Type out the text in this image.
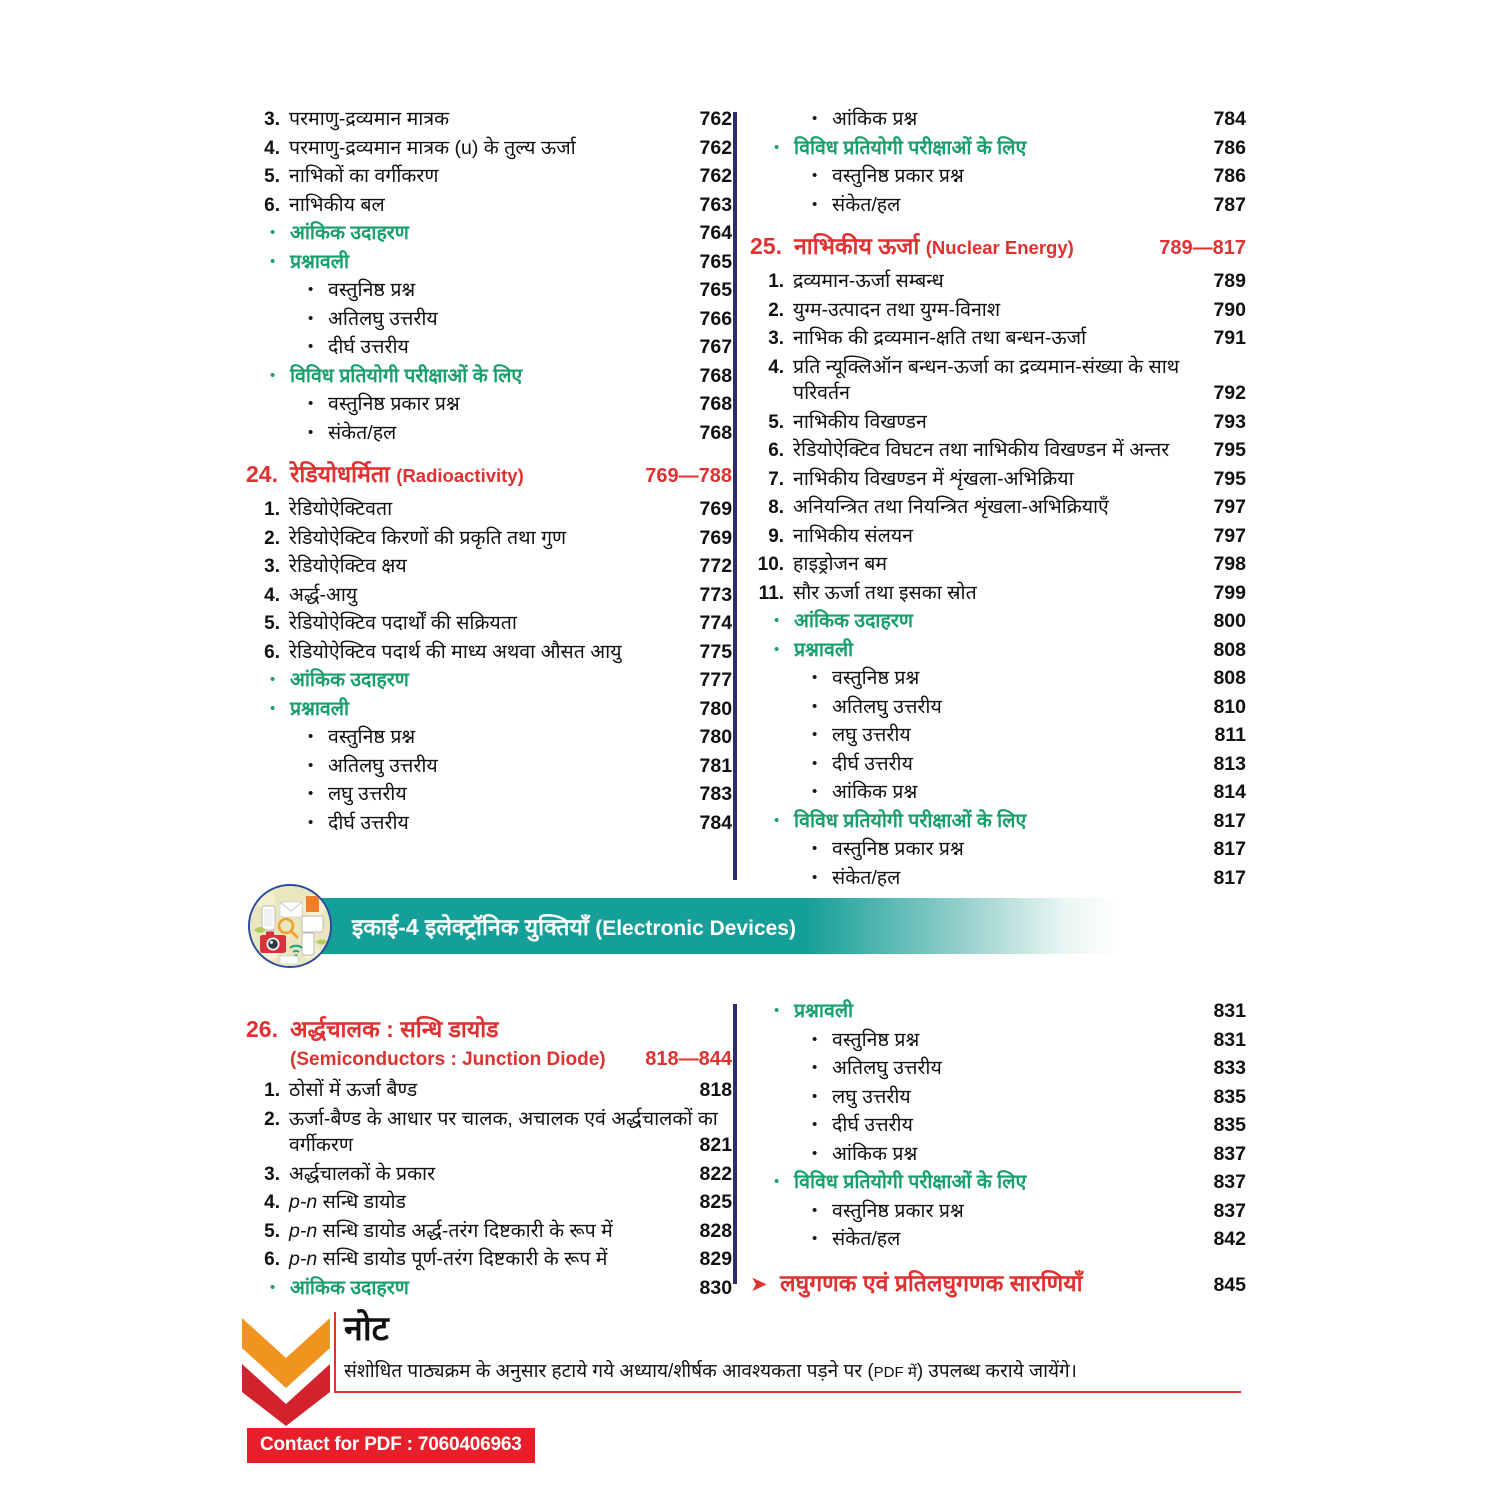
3. परमाणु-द्रव्यमान मात्रक	762
4. परमाणु-द्रव्यमान मात्रक (u) के तुल्य ऊर्जा	762
5. नाभिकों का वर्गीकरण	762
6. नाभिकीय बल	763
• आंकिक उदाहरण	764
• प्रश्नावली	765
• वस्तुनिष्ठ प्रश्न	765
• अतिलघु उत्तरीय	766
• दीर्घ उत्तरीय	767
• विविध प्रतियोगी परीक्षाओं के लिए	768
• वस्तुनिष्ठ प्रकार प्रश्न	768
• संकेत/हल	768
24. रेडियोधर्मिता (Radioactivity)	769—788
1. रेडियोऐक्टिवता	769
2. रेडियोऐक्टिव किरणों की प्रकृति तथा गुण	769
3. रेडियोऐक्टिव क्षय	772
4. अर्द्ध-आयु	773
5. रेडियोऐक्टिव पदार्थों की सक्रियता	774
6. रेडियोऐक्टिव पदार्थ की माध्य अथवा औसत आयु	775
• आंकिक उदाहरण	777
• प्रश्नावली	780
• वस्तुनिष्ठ प्रश्न	780
• अतिलघु उत्तरीय	781
• लघु उत्तरीय	783
• दीर्घ उत्तरीय	784
• आंकिक प्रश्न	784
• विविध प्रतियोगी परीक्षाओं के लिए	786
• वस्तुनिष्ठ प्रकार प्रश्न	786
• संकेत/हल	787
25. नाभिकीय ऊर्जा (Nuclear Energy)	789—817
1. द्रव्यमान-ऊर्जा सम्बन्ध	789
2. युग्म-उत्पादन तथा युग्म-विनाश	790
3. नाभिक की द्रव्यमान-क्षति तथा बन्धन-ऊर्जा	791
4. प्रति न्यूक्लिऑन बन्धन-ऊर्जा का द्रव्यमान-संख्या के साथ
परिवर्तन	792
5. नाभिकीय विखण्डन	793
6. रेडियोऐक्टिव विघटन तथा नाभिकीय विखण्डन में अन्तर	795
7. नाभिकीय विखण्डन में शृंखला-अभिक्रिया	795
8. अनियन्त्रित तथा नियन्त्रित शृंखला-अभिक्रियाएँ	797
9. नाभिकीय संलयन	797
10. हाइड्रोजन बम	798
11. सौर ऊर्जा तथा इसका स्रोत	799
• आंकिक उदाहरण	800
• प्रश्नावली	808
• वस्तुनिष्ठ प्रश्न	808
• अतिलघु उत्तरीय	810
• लघु उत्तरीय	811
• दीर्घ उत्तरीय	813
• आंकिक प्रश्न	814
• विविध प्रतियोगी परीक्षाओं के लिए	817
• वस्तुनिष्ठ प्रकार प्रश्न	817
• संकेत/हल	817
इकाई-4 इलेक्ट्रॉनिक युक्तियाँ (Electronic Devices)
26. अर्द्धचालक : सन्धि डायोड
(Semiconductors : Junction Diode)	818—844
1. ठोसों में ऊर्जा बैण्ड	818
2. ऊर्जा-बैण्ड के आधार पर चालक, अचालक एवं अर्द्धचालकों का
वर्गीकरण	821
3. अर्द्धचालकों के प्रकार	822
4. p-n सन्धि डायोड	825
5. p-n सन्धि डायोड अर्द्ध-तरंग दिष्टकारी के रूप में	828
6. p-n सन्धि डायोड पूर्ण-तरंग दिष्टकारी के रूप में	829
• आंकिक उदाहरण	830
• प्रश्नावली	831
• वस्तुनिष्ठ प्रश्न	831
• अतिलघु उत्तरीय	833
• लघु उत्तरीय	835
• दीर्घ उत्तरीय	835
• आंकिक प्रश्न	837
• विविध प्रतियोगी परीक्षाओं के लिए	837
• वस्तुनिष्ठ प्रकार प्रश्न	837
• संकेत/हल	842
➤ लघुगणक एवं प्रतिलघुगणक सारणियाँ	845
नोट
संशोधित पाठ्यक्रम के अनुसार हटाये गये अध्याय/शीर्षक आवश्यकता पड़ने पर (PDF में) उपलब्ध कराये जायेंगे।
Contact for PDF : 7060406963
